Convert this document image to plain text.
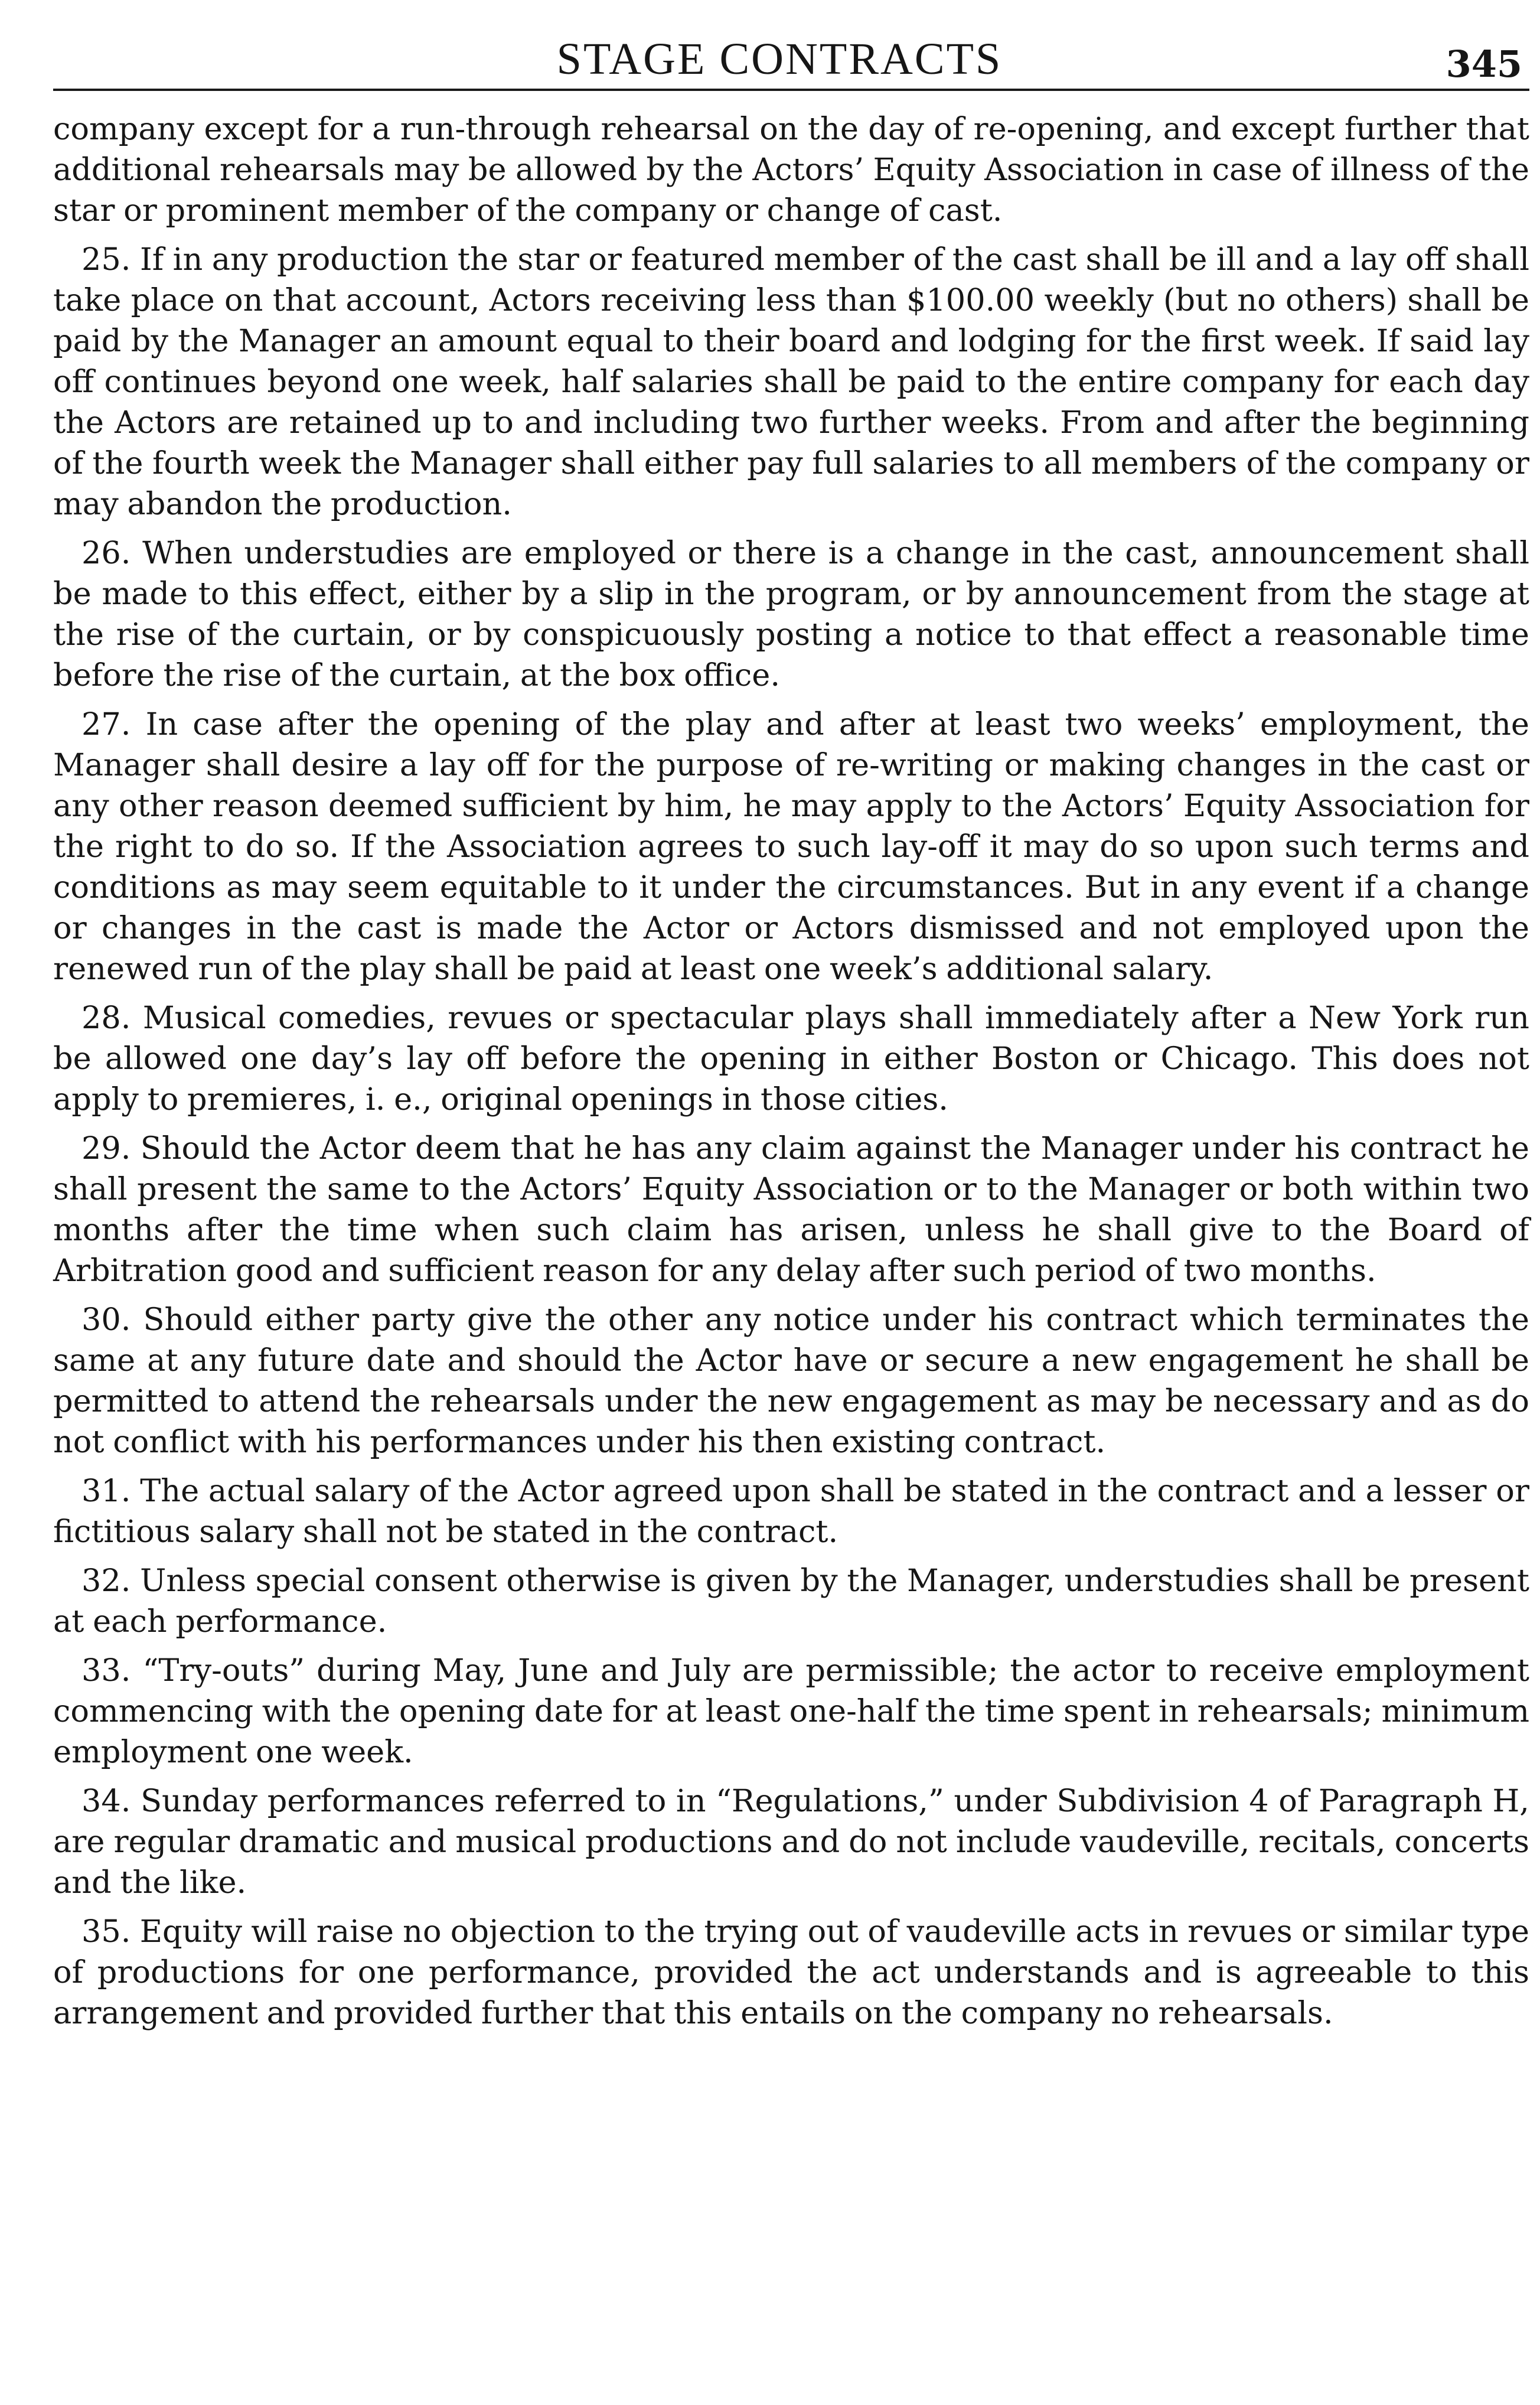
STAGE CONTRACTS	345

company except for a run-through rehearsal on the day of re-opening, and except further that additional rehearsals may be allowed by the Actors’ Equity Association in case of illness of the star or prominent member of the company or change of cast.

25. If in any production the star or featured member of the cast shall be ill and a lay off shall take place on that account, Actors receiving less than $100.00 weekly (but no others) shall be paid by the Manager an amount equal to their board and lodging for the first week. If said lay off continues beyond one week, half salaries shall be paid to the entire company for each day the Actors are retained up to and including two further weeks. From and after the beginning of the fourth week the Manager shall either pay full salaries to all members of the company or may abandon the production.

26. When understudies are employed or there is a change in the cast, announcement shall be made to this effect, either by a slip in the program, or by announcement from the stage at the rise of the curtain, or by conspicuously posting a notice to that effect a reasonable time before the rise of the curtain, at the box office.

27. In case after the opening of the play and after at least two weeks’ employment, the Manager shall desire a lay off for the purpose of re-writing or making changes in the cast or any other reason deemed sufficient by him, he may apply to the Actors’ Equity Association for the right to do so. If the Association agrees to such lay-off it may do so upon such terms and conditions as may seem equitable to it under the circumstances. But in any event if a change or changes in the cast is made the Actor or Actors dismissed and not employed upon the renewed run of the play shall be paid at least one week’s additional salary.

28. Musical comedies, revues or spectacular plays shall immediately after a New York run be allowed one day’s lay off before the opening in either Boston or Chicago. This does not apply to premieres, i. e., original openings in those cities.

29. Should the Actor deem that he has any claim against the Manager under his contract he shall present the same to the Actors’ Equity Association or to the Manager or both within two months after the time when such claim has arisen, unless he shall give to the Board of Arbitration good and sufficient reason for any delay after such period of two months.

30. Should either party give the other any notice under his contract which terminates the same at any future date and should the Actor have or secure a new engagement he shall be permitted to attend the rehearsals under the new engagement as may be necessary and as do not conflict with his performances under his then existing contract.

31. The actual salary of the Actor agreed upon shall be stated in the contract and a lesser or fictitious salary shall not be stated in the contract.

32. Unless special consent otherwise is given by the Manager, understudies shall be present at each performance.

33. “Try-outs” during May, June and July are permissible; the actor to receive employment commencing with the opening date for at least one-half the time spent in rehearsals; minimum employment one week.

34. Sunday performances referred to in “Regulations,” under Subdivision 4 of Paragraph H, are regular dramatic and musical productions and do not include vaudeville, recitals, concerts and the like.

35. Equity will raise no objection to the trying out of vaudeville acts in revues or similar type of productions for one performance, provided the act understands and is agreeable to this arrangement and provided further that this entails on the company no rehearsals.
